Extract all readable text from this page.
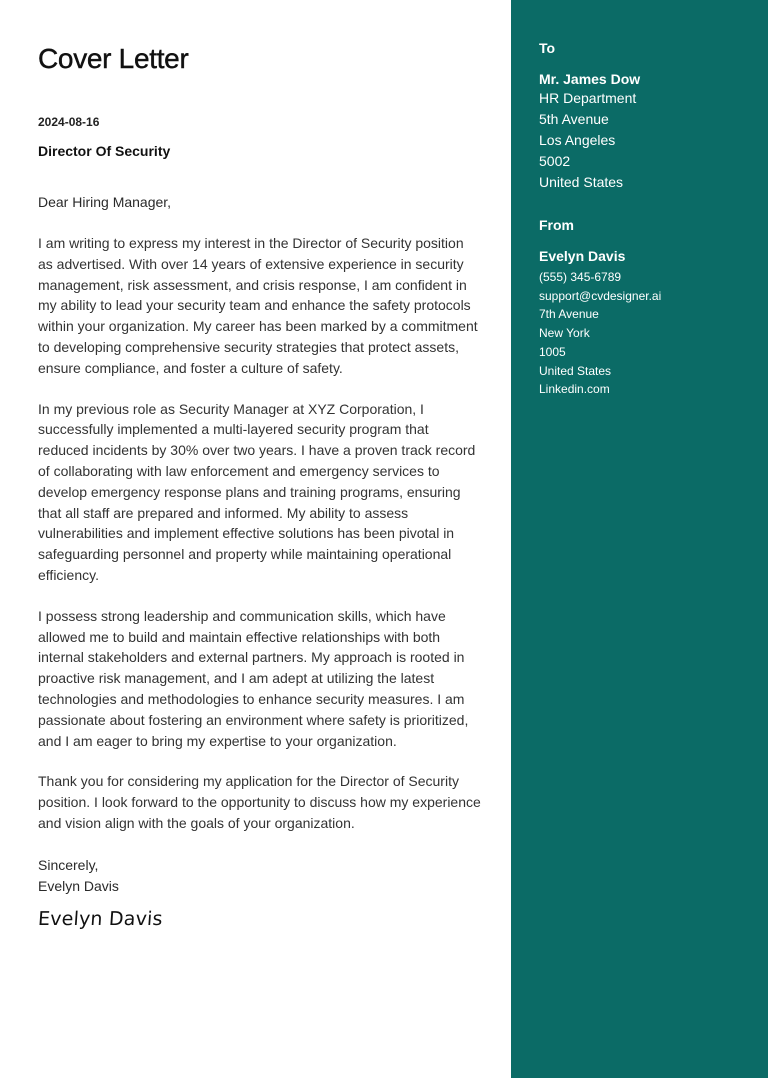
Cover Letter
2024-08-16
Director Of Security
Dear Hiring Manager,
I am writing to express my interest in the Director of Security position as advertised. With over 14 years of extensive experience in security management, risk assessment, and crisis response, I am confident in my ability to lead your security team and enhance the safety protocols within your organization. My career has been marked by a commitment to developing comprehensive security strategies that protect assets, ensure compliance, and foster a culture of safety.
In my previous role as Security Manager at XYZ Corporation, I successfully implemented a multi-layered security program that reduced incidents by 30% over two years. I have a proven track record of collaborating with law enforcement and emergency services to develop emergency response plans and training programs, ensuring that all staff are prepared and informed. My ability to assess vulnerabilities and implement effective solutions has been pivotal in safeguarding personnel and property while maintaining operational efficiency.
I possess strong leadership and communication skills, which have allowed me to build and maintain effective relationships with both internal stakeholders and external partners. My approach is rooted in proactive risk management, and I am adept at utilizing the latest technologies and methodologies to enhance security measures. I am passionate about fostering an environment where safety is prioritized, and I am eager to bring my expertise to your organization.
Thank you for considering my application for the Director of Security position. I look forward to the opportunity to discuss how my experience and vision align with the goals of your organization.
Sincerely,
Evelyn Davis
Evelyn Davis
To
Mr. James Dow
HR Department
5th Avenue
Los Angeles
5002
United States
From
Evelyn Davis
(555) 345-6789
support@cvdesigner.ai
7th Avenue
New York
1005
United States
Linkedin.com
